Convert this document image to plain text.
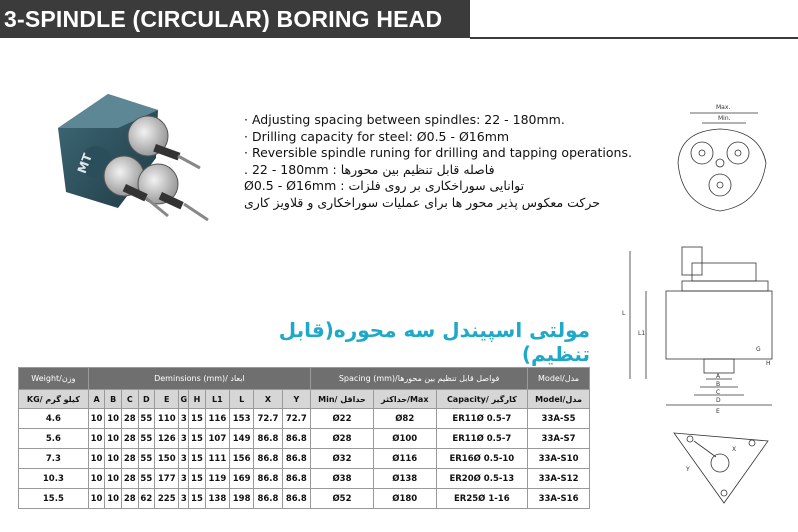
3-SPINDLE (CIRCULAR) BORING HEAD
MT
· Adjusting spacing between spindles: 22 - 180mm.
· Drilling capacity for steel: Ø0.5 - Ø16mm
· Reversible spindle runing for drilling and tapping operations.
. 22 - 180mm : فاصله قابل تنظیم بین محورها
Ø0.5 - Ø16mm : توانایی سوراخکاری بر روی فلزات
حرکت معکوس پذیر محور ها برای عملیات سوراخکاری و قلاویز کاری
Max.
Min.
L
L1
G
H
A
B
C
D
E
X
Y
مولتی اسپیندل سه محوره(قابل تنظیم)
Weight/وزن	Deminsions (mm)/ ابعاد											Spacing (mm)/فواصل قابل تنظیم بین محورها			Model/مدل
KG/ کیلو گرم	A	B	C	D	E	G	H	L1	L	X	Y	Min/ حداقل	حداکثر/Max	Capacity/ کارگیر	Model/مدل
4.6	10	10	28	55	110	3	15	116	153	72.7	72.7	Ø22	Ø82	ER11Ø 0.5-7	33A-S5
5.6	10	10	28	55	126	3	15	107	149	86.8	86.8	Ø28	Ø100	ER11Ø 0.5-7	33A-S7
7.3	10	10	28	55	150	3	15	111	156	86.8	86.8	Ø32	Ø116	ER16Ø 0.5-10	33A-S10
10.3	10	10	28	55	177	3	15	119	169	86.8	86.8	Ø38	Ø138	ER20Ø 0.5-13	33A-S12
15.5	10	10	28	62	225	3	15	138	198	86.8	86.8	Ø52	Ø180	ER25Ø 1-16	33A-S16
